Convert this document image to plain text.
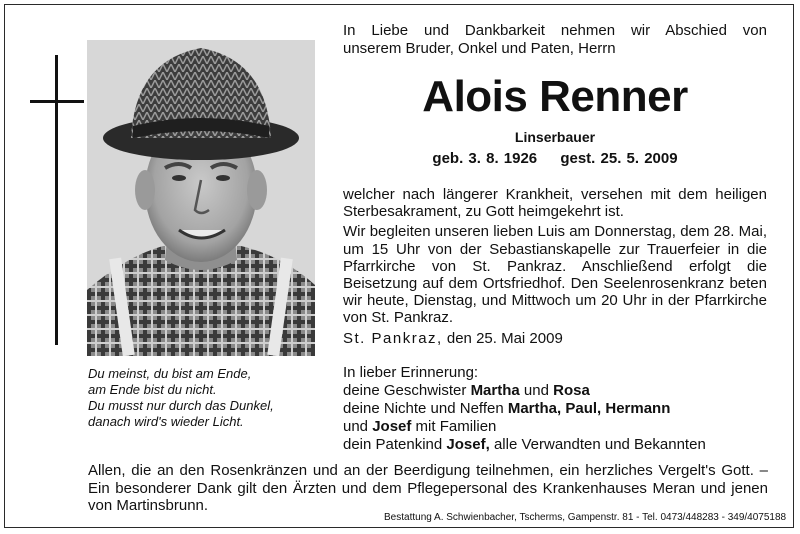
Du meinst, du bist am Ende,
am Ende bist du nicht.
Du musst nur durch das Dunkel,
danach wird's wieder Licht.
In Liebe und Dankbarkeit nehmen wir Abschied von
unserem Bruder, Onkel und Paten, Herrn
Alois Renner
Linserbauer
geb. 3. 8. 1926 gest. 25. 5. 2009

welcher nach längerer Krankheit, versehen mit dem heiligen Sterbesakrament, zu Gott heimgekehrt ist.

Wir begleiten unseren lieben Luis am Donnerstag, dem 28. Mai, um 15 Uhr von der Sebastianskapelle zur Trauerfeier in die Pfarrkirche von St. Pankraz. Anschließend erfolgt die Beisetzung auf dem Ortsfriedhof. Den Seelenrosenkranz beten wir heute, Dienstag, und Mittwoch um 20 Uhr in der Pfarrkirche von St. Pankraz.

St. Pankraz, den 25. Mai 2009

In lieber Erinnerung:
deine Geschwister Martha und Rosa
deine Nichte und Neffen Martha, Paul, Hermann
und Josef mit Familien
dein Patenkind Josef, alle Verwandten und Bekannten
Allen, die an den Rosenkränzen und an der Beerdigung teilnehmen, ein herzliches Vergelt's Gott. – Ein besonderer Dank gilt den Ärzten und dem Pflegepersonal des Krankenhauses Meran und jenen von Martinsbrunn.
Bestattung A. Schwienbacher, Tscherms, Gampenstr. 81 - Tel. 0473/448283 - 349/4075188
